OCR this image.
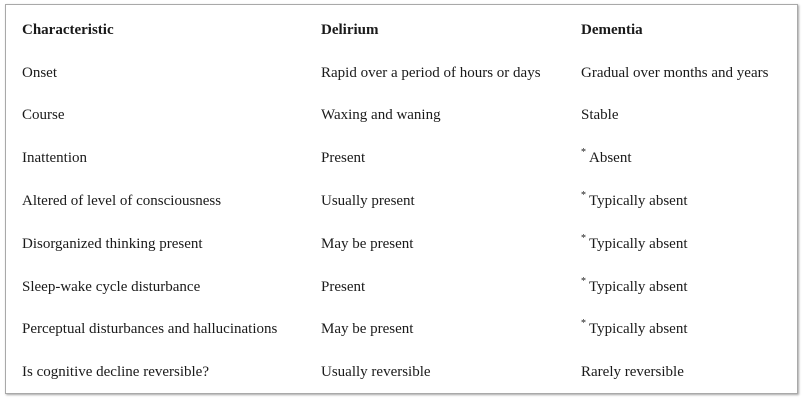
Characteristic	Delirium	Dementia
Onset	Rapid over a period of hours or days	Gradual over months and years
Course	Waxing and waning	Stable
Inattention	Present	* Absent
Altered of level of consciousness	Usually present	* Typically absent
Disorganized thinking present	May be present	* Typically absent
Sleep-wake cycle disturbance	Present	* Typically absent
Perceptual disturbances and hallucinations	May be present	* Typically absent
Is cognitive decline reversible?	Usually reversible	Rarely reversible
